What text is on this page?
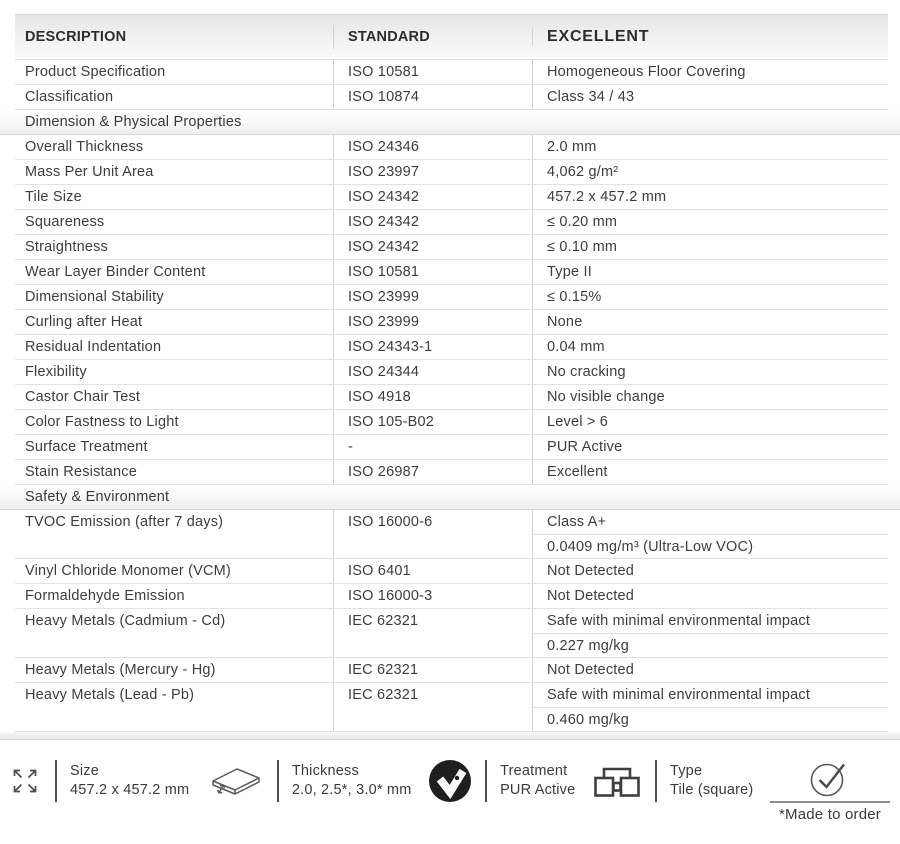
DESCRIPTION	STANDARD	EXCELLENT
Product Specification	ISO 10581	Homogeneous Floor Covering
Classification	ISO 10874	Class 34 / 43
Dimension & Physical Properties
Overall Thickness	ISO 24346	2.0 mm
Mass Per Unit Area	ISO 23997	4,062 g/m²
Tile Size	ISO 24342	457.2 x 457.2 mm
Squareness	ISO 24342	≤ 0.20 mm
Straightness	ISO 24342	≤ 0.10 mm
Wear Layer Binder Content	ISO 10581	Type II
Dimensional Stability	ISO 23999	≤ 0.15%
Curling after Heat	ISO 23999	None
Residual Indentation	ISO 24343-1	0.04 mm
Flexibility	ISO 24344	No cracking
Castor Chair Test	ISO 4918	No visible change
Color Fastness to Light	ISO 105-B02	Level > 6
Surface Treatment	-	PUR Active
Stain Resistance	ISO 26987	Excellent
Safety & Environment
TVOC Emission (after 7 days)	ISO 16000-6	Class A+
0.0409 mg/m³ (Ultra-Low VOC)
Vinyl Chloride Monomer (VCM)	ISO 6401	Not Detected
Formaldehyde Emission	ISO 16000-3	Not Detected
Heavy Metals (Cadmium - Cd)	IEC 62321	Safe with minimal environmental impact
0.227 mg/kg
Heavy Metals (Mercury - Hg)	IEC 62321	Not Detected
Heavy Metals (Lead - Pb)	IEC 62321	Safe with minimal environmental impact
0.460 mg/kg
Size
457.2 x 457.2 mm
Thickness
2.0, 2.5*, 3.0* mm
Treatment
PUR Active
Type
Tile (square)
*Made to order
